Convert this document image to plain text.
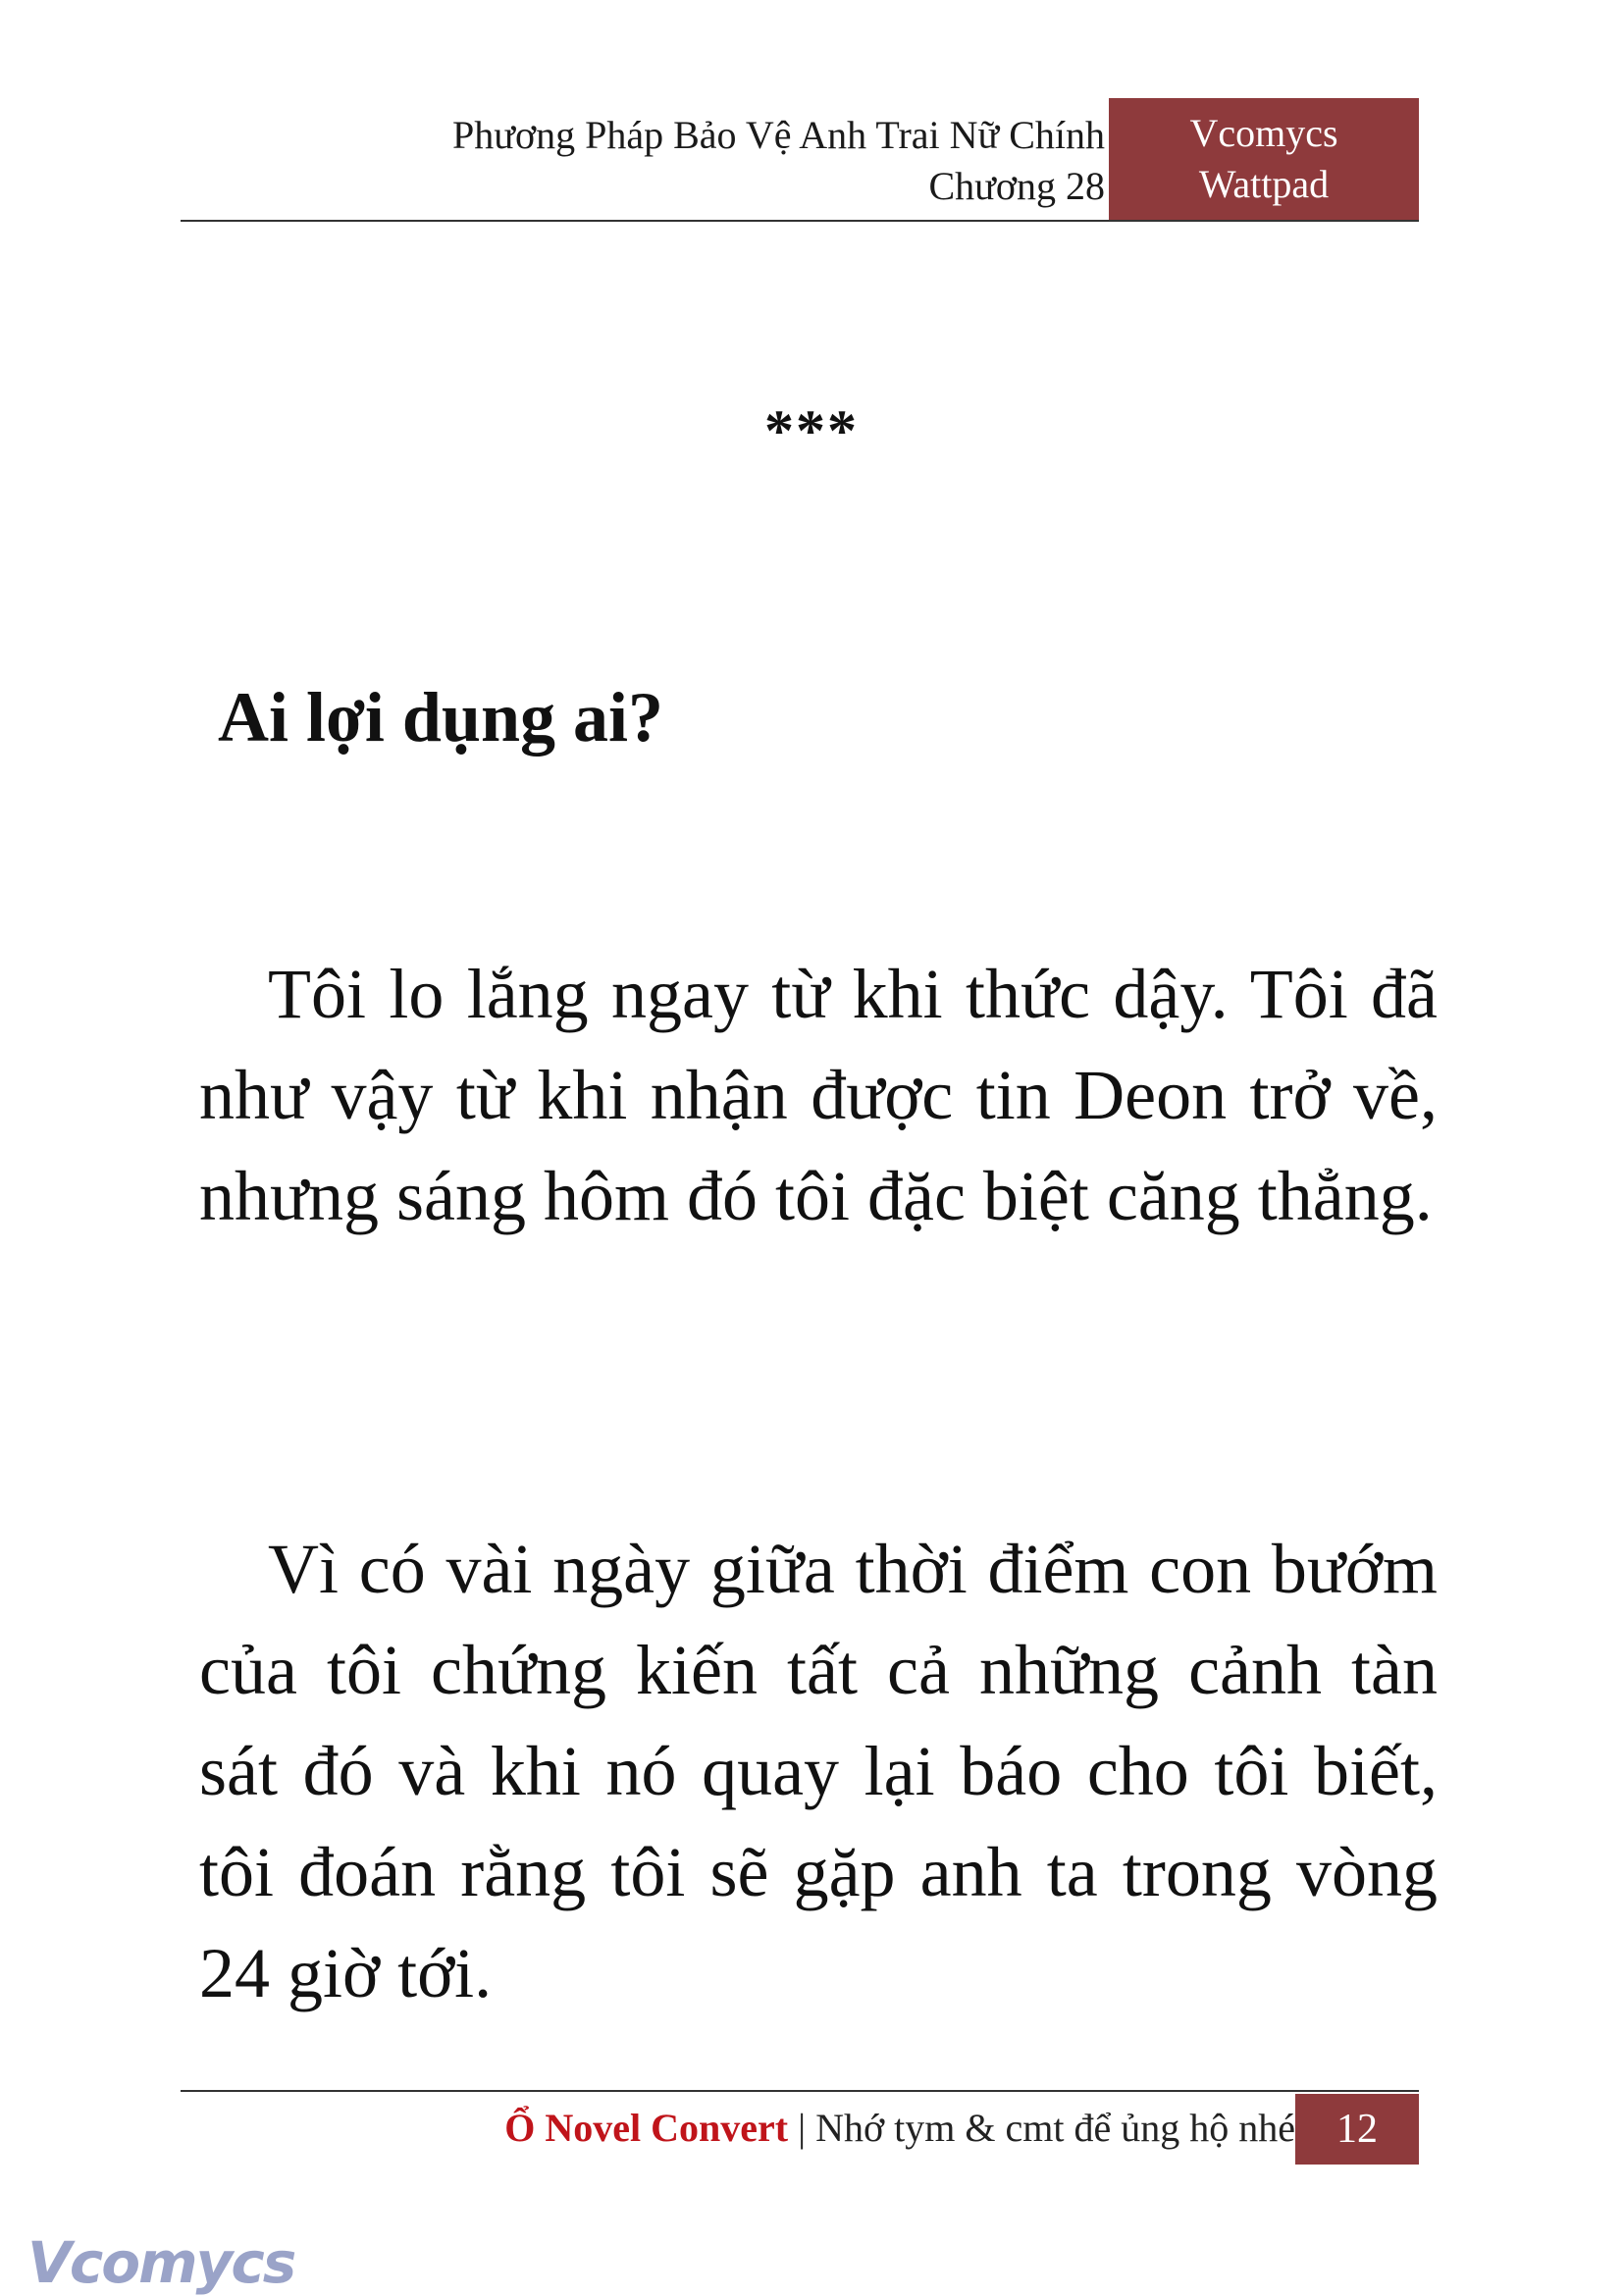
Phương Pháp Bảo Vệ Anh Trai Nữ Chính
Chương 28
Vcomycs
Wattpad
***
Ai lợi dụng ai?

Tôi lo lắng ngay từ khi thức dậy. Tôi đã như vậy từ khi nhận được tin Deon trở về, nhưng sáng hôm đó tôi đặc biệt căng thẳng.

Vì có vài ngày giữa thời điểm con bướm của tôi chứng kiến tất cả những cảnh tàn sát đó và khi nó quay lại báo cho tôi biết, tôi đoán rằng tôi sẽ gặp anh ta trong vòng 24 giờ tới.

Ổ Novel Convert | Nhớ tym & cmt để ủng hộ nhé	12
Vcomycs
